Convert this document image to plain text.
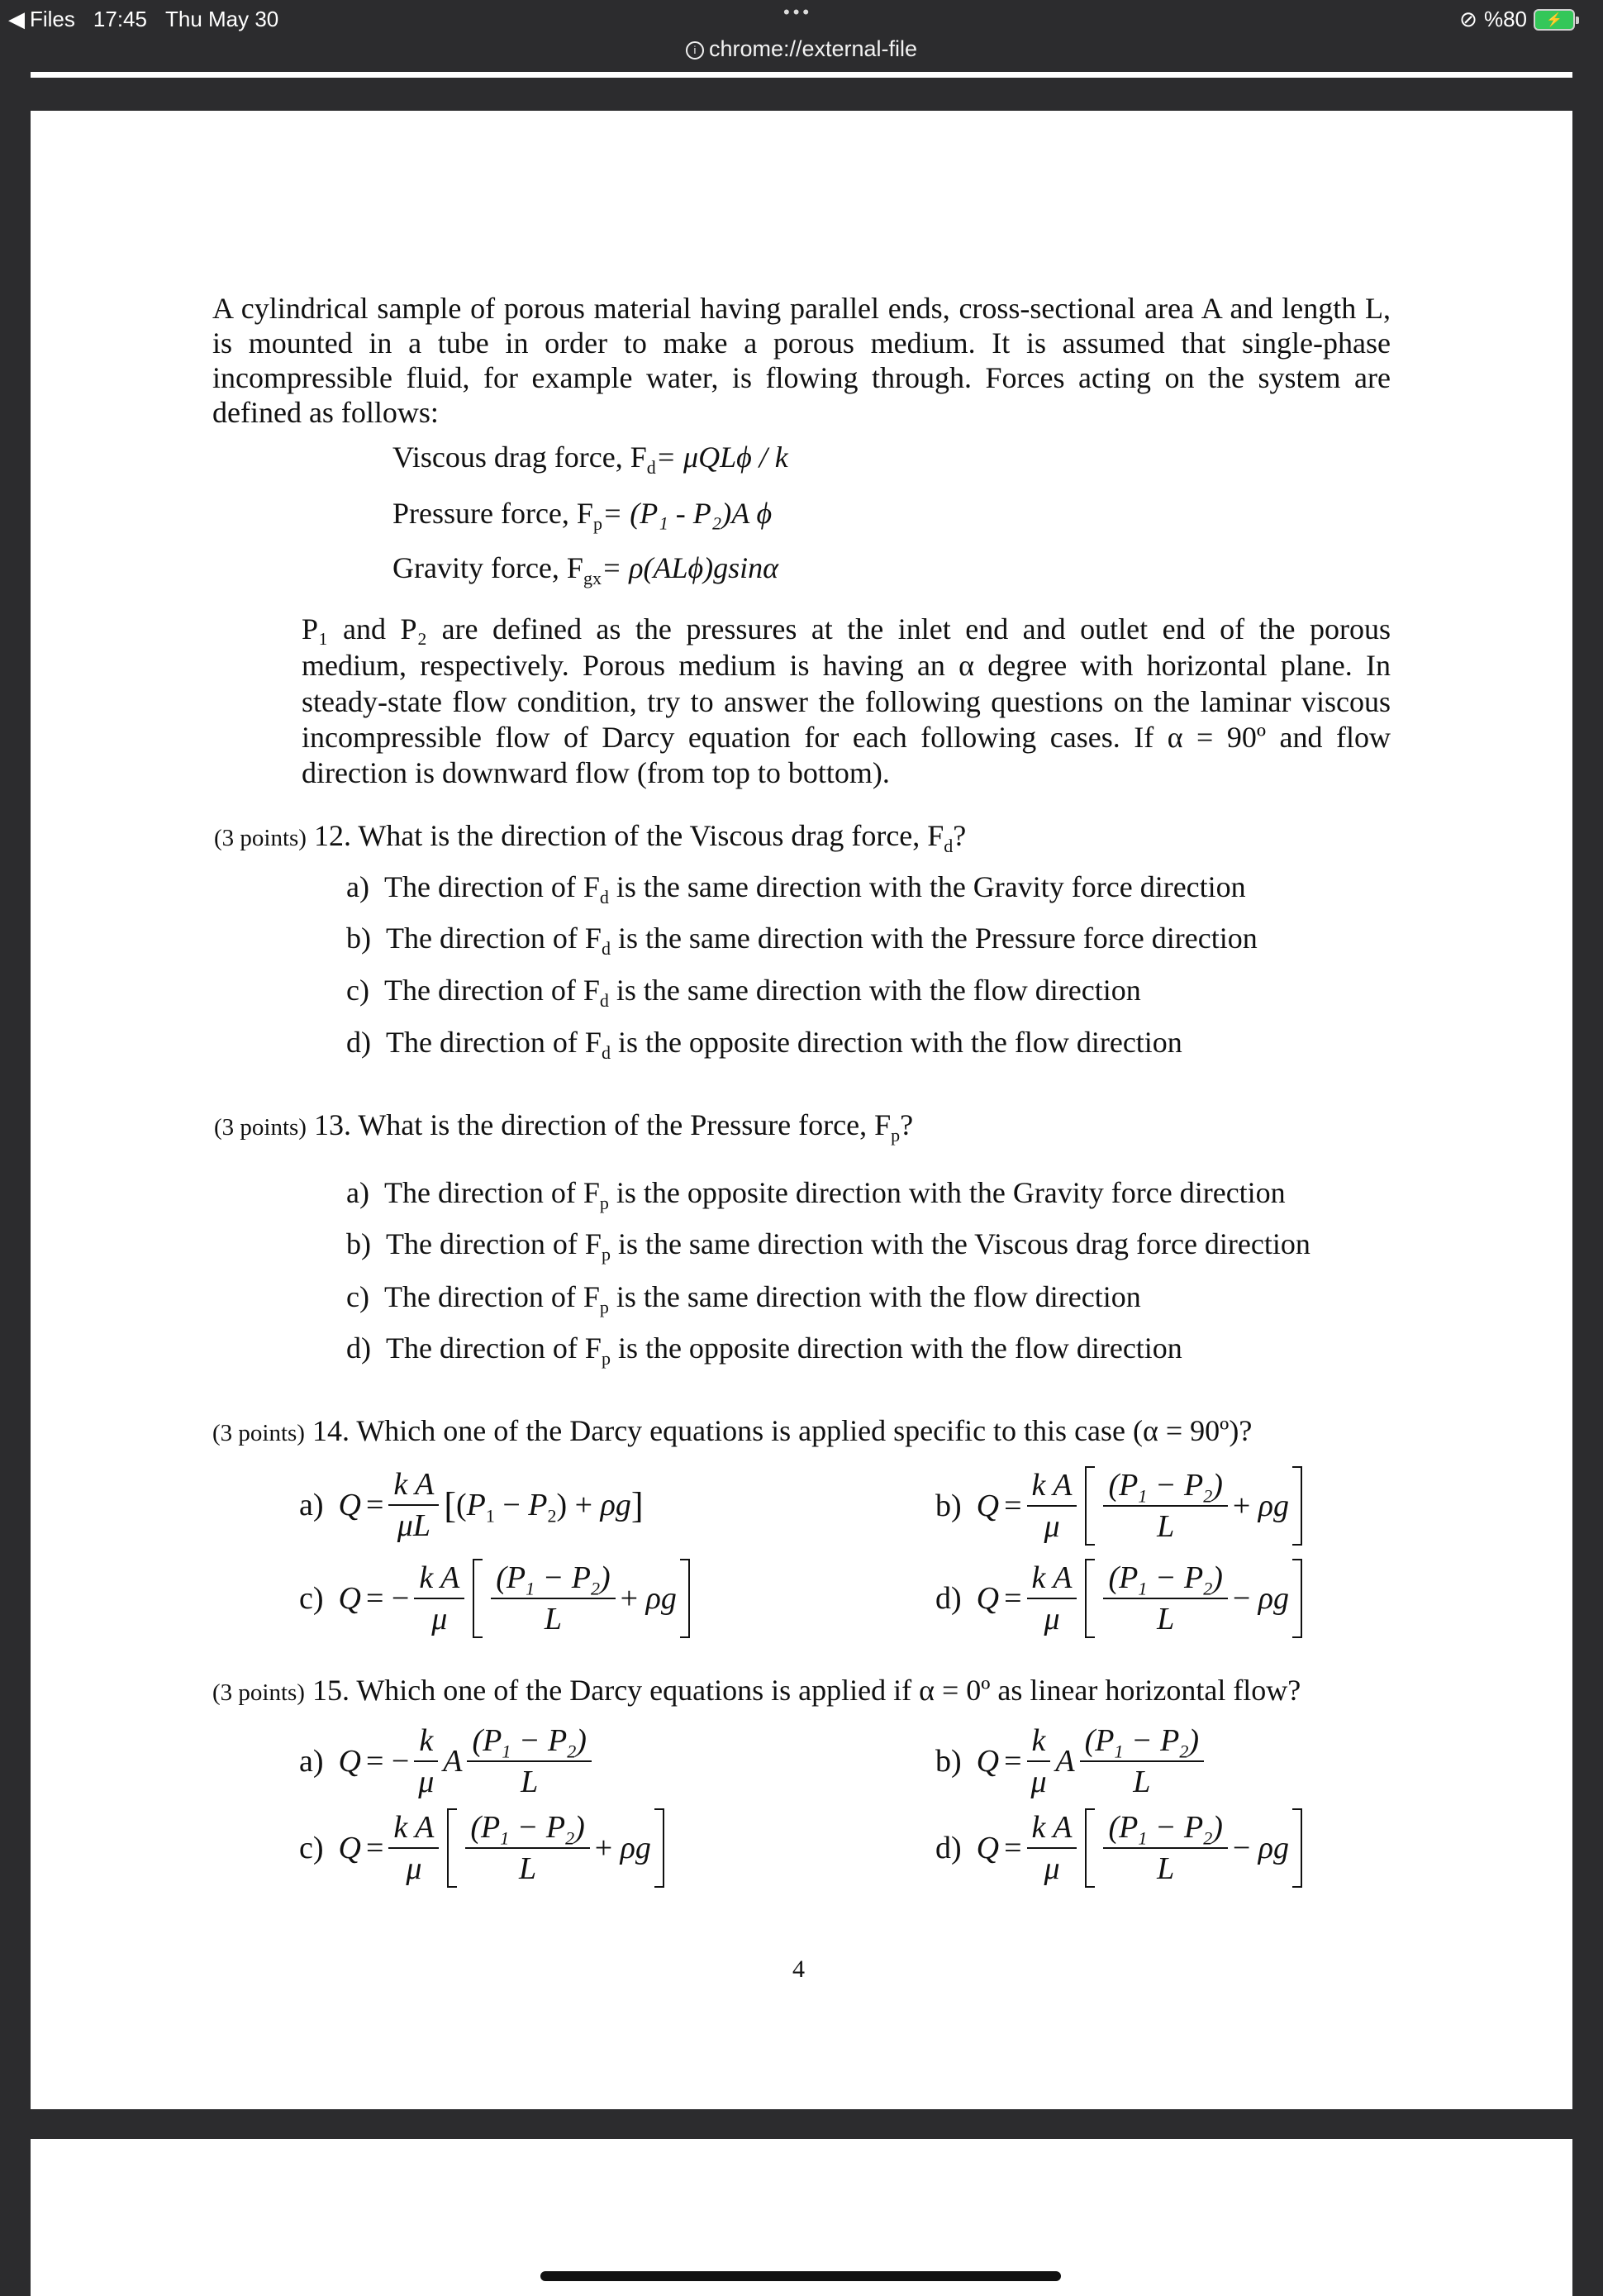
◀ Files 17:45 Thu May 30	•••	⊘ %80 ⚡
i chrome://external-file
A cylindrical sample of porous material having parallel ends, cross-sectional area A and length L,
is mounted in a tube in order to make a porous medium. It is assumed that single-phase
incompressible fluid, for example water, is flowing through. Forces acting on the system are
defined as follows:
Viscous drag force, $F_d= \mu QL\phi / k$
Pressure force, $F_p= (P_1 - P_2)A$ ϕ
Gravity force, $F_{gx}= \rho(AL\phi)gsin\alpha$
P₁ and P₂ are defined as the pressures at the inlet end and outlet end of the porous
medium, respectively. Porous medium is having an α degree with horizontal plane. In
steady-state flow condition, try to answer the following questions on the laminar viscous
incompressible flow of Darcy equation for each following cases. If α = 90º and flow
direction is downward flow (from top to bottom).
(3 points) 12. What is the direction of the Viscous drag force, $F_d$?
a) The direction of $F_d$ is the same direction with the Gravity force direction
b) The direction of $F_d$ is the same direction with the Pressure force direction
c) The direction of $F_d$ is the same direction with the flow direction
d) The direction of $F_d$ is the opposite direction with the flow direction
(3 points) 13. What is the direction of the Pressure force, $F_p$?
a) The direction of $F_p$ is the opposite direction with the Gravity force direction
b) The direction of $F_p$ is the same direction with the Viscous drag force direction
c) The direction of $F_p$ is the same direction with the flow direction
d) The direction of $F_p$ is the opposite direction with the flow direction
(3 points) 14. Which one of the Darcy equations is applied specific to this case (α = 90º)?
a) $Q = \frac{\text{k A}}{\mu L}$ [ $(P_1 - P_2) + \rho g$ ]	b) $Q = \frac{\text{k A}}{\mu} \frac{(P_1 - P_2)}{L} + \rho g$
c) Q = − $\frac{\text{k A}}{\mu} \frac{(P_1 - P_2)}{L} + \rho g$	d) $Q = \frac{\text{k A}}{\mu} \frac{(P_1 - P_2)}{L} - \rho g$
(3 points) 15. Which one of the Darcy equations is applied if α = 0º as linear horizontal flow?
a) Q = − $\frac{k}{\mu}$ A $\frac{(P_1 - P_2)}{L}$	b) $Q = \frac{k}{\mu}$ A $\frac{(P_1 - P_2)}{L}$
c) $Q = \frac{\text{k A}}{\mu} \frac{(P_1 - P_2)}{L} + \rho g$	d) $Q = \frac{\text{k A}}{\mu} \frac{(P_1 - P_2)}{L} - \rho g$
4
